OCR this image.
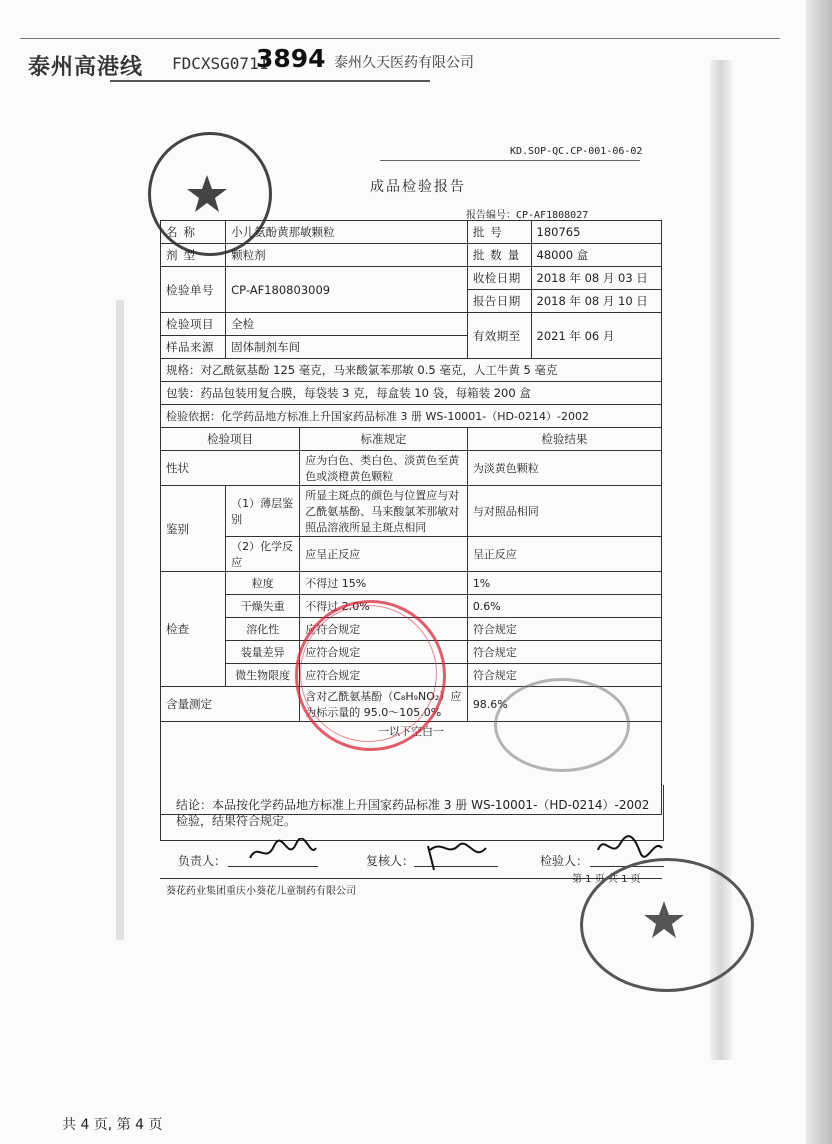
泰州高港线 FDCXSG0711
3894 泰州久天医药有限公司
KD.SOP-QC.CP-001-06-02
成品检验报告
报告编号：CP-AF1808027
名称	小儿氨酚黄那敏颗粒		批号	180765
剂型	颗粒剂		批数量	48000 盒
检验单号	CP-AF180803009		收检日期	2018 年 08 月 03 日
			报告日期	2018 年 08 月 10 日
检验项目	全检		有效期至	2021 年 06 月
样品来源	固体制剂车间			
规格：对乙酰氨基酚 125 毫克，马来酸氯苯那敏 0.5 毫克，人工牛黄 5 毫克				
包装：药品包装用复合膜，每袋装 3 克，每盒装 10 袋，每箱装 200 盒				
检验依据：化学药品地方标准上升国家药品标准 3 册 WS-10001-（HD-0214）-2002				
检验项目		标准规定	检验结果	
性状		应为白色、类白色、淡黄色至黄色或淡橙黄色颗粒	为淡黄色颗粒	
鉴别	（1）薄层鉴别	所显主斑点的颜色与位置应与对乙酰氨基酚、马来酸氯苯那敏对照品溶液所显主斑点相同	与对照品相同	
	（2）化学反应	应呈正反应	呈正反应	
检查	粒度	不得过 15%	1%	
	干燥失重	不得过 2.0%	0.6%	
	溶化性	应符合规定	符合规定	
	装量差异	应符合规定	符合规定	
	微生物限度	应符合规定	符合规定	
含量测定		含对乙酰氨基酚（C₈H₉NO₂）应为标示量的 95.0～105.0%	98.6%	
一以下空白一				
结论：本品按化学药品地方标准上升国家药品标准 3 册 WS-10001-（HD-0214）-2002
检验，结果符合规定。
负责人：	复核人：	检验人：
第 1 页 共 1 页
葵花药业集团重庆小葵花儿童制药有限公司
共 4 页, 第 4 页
